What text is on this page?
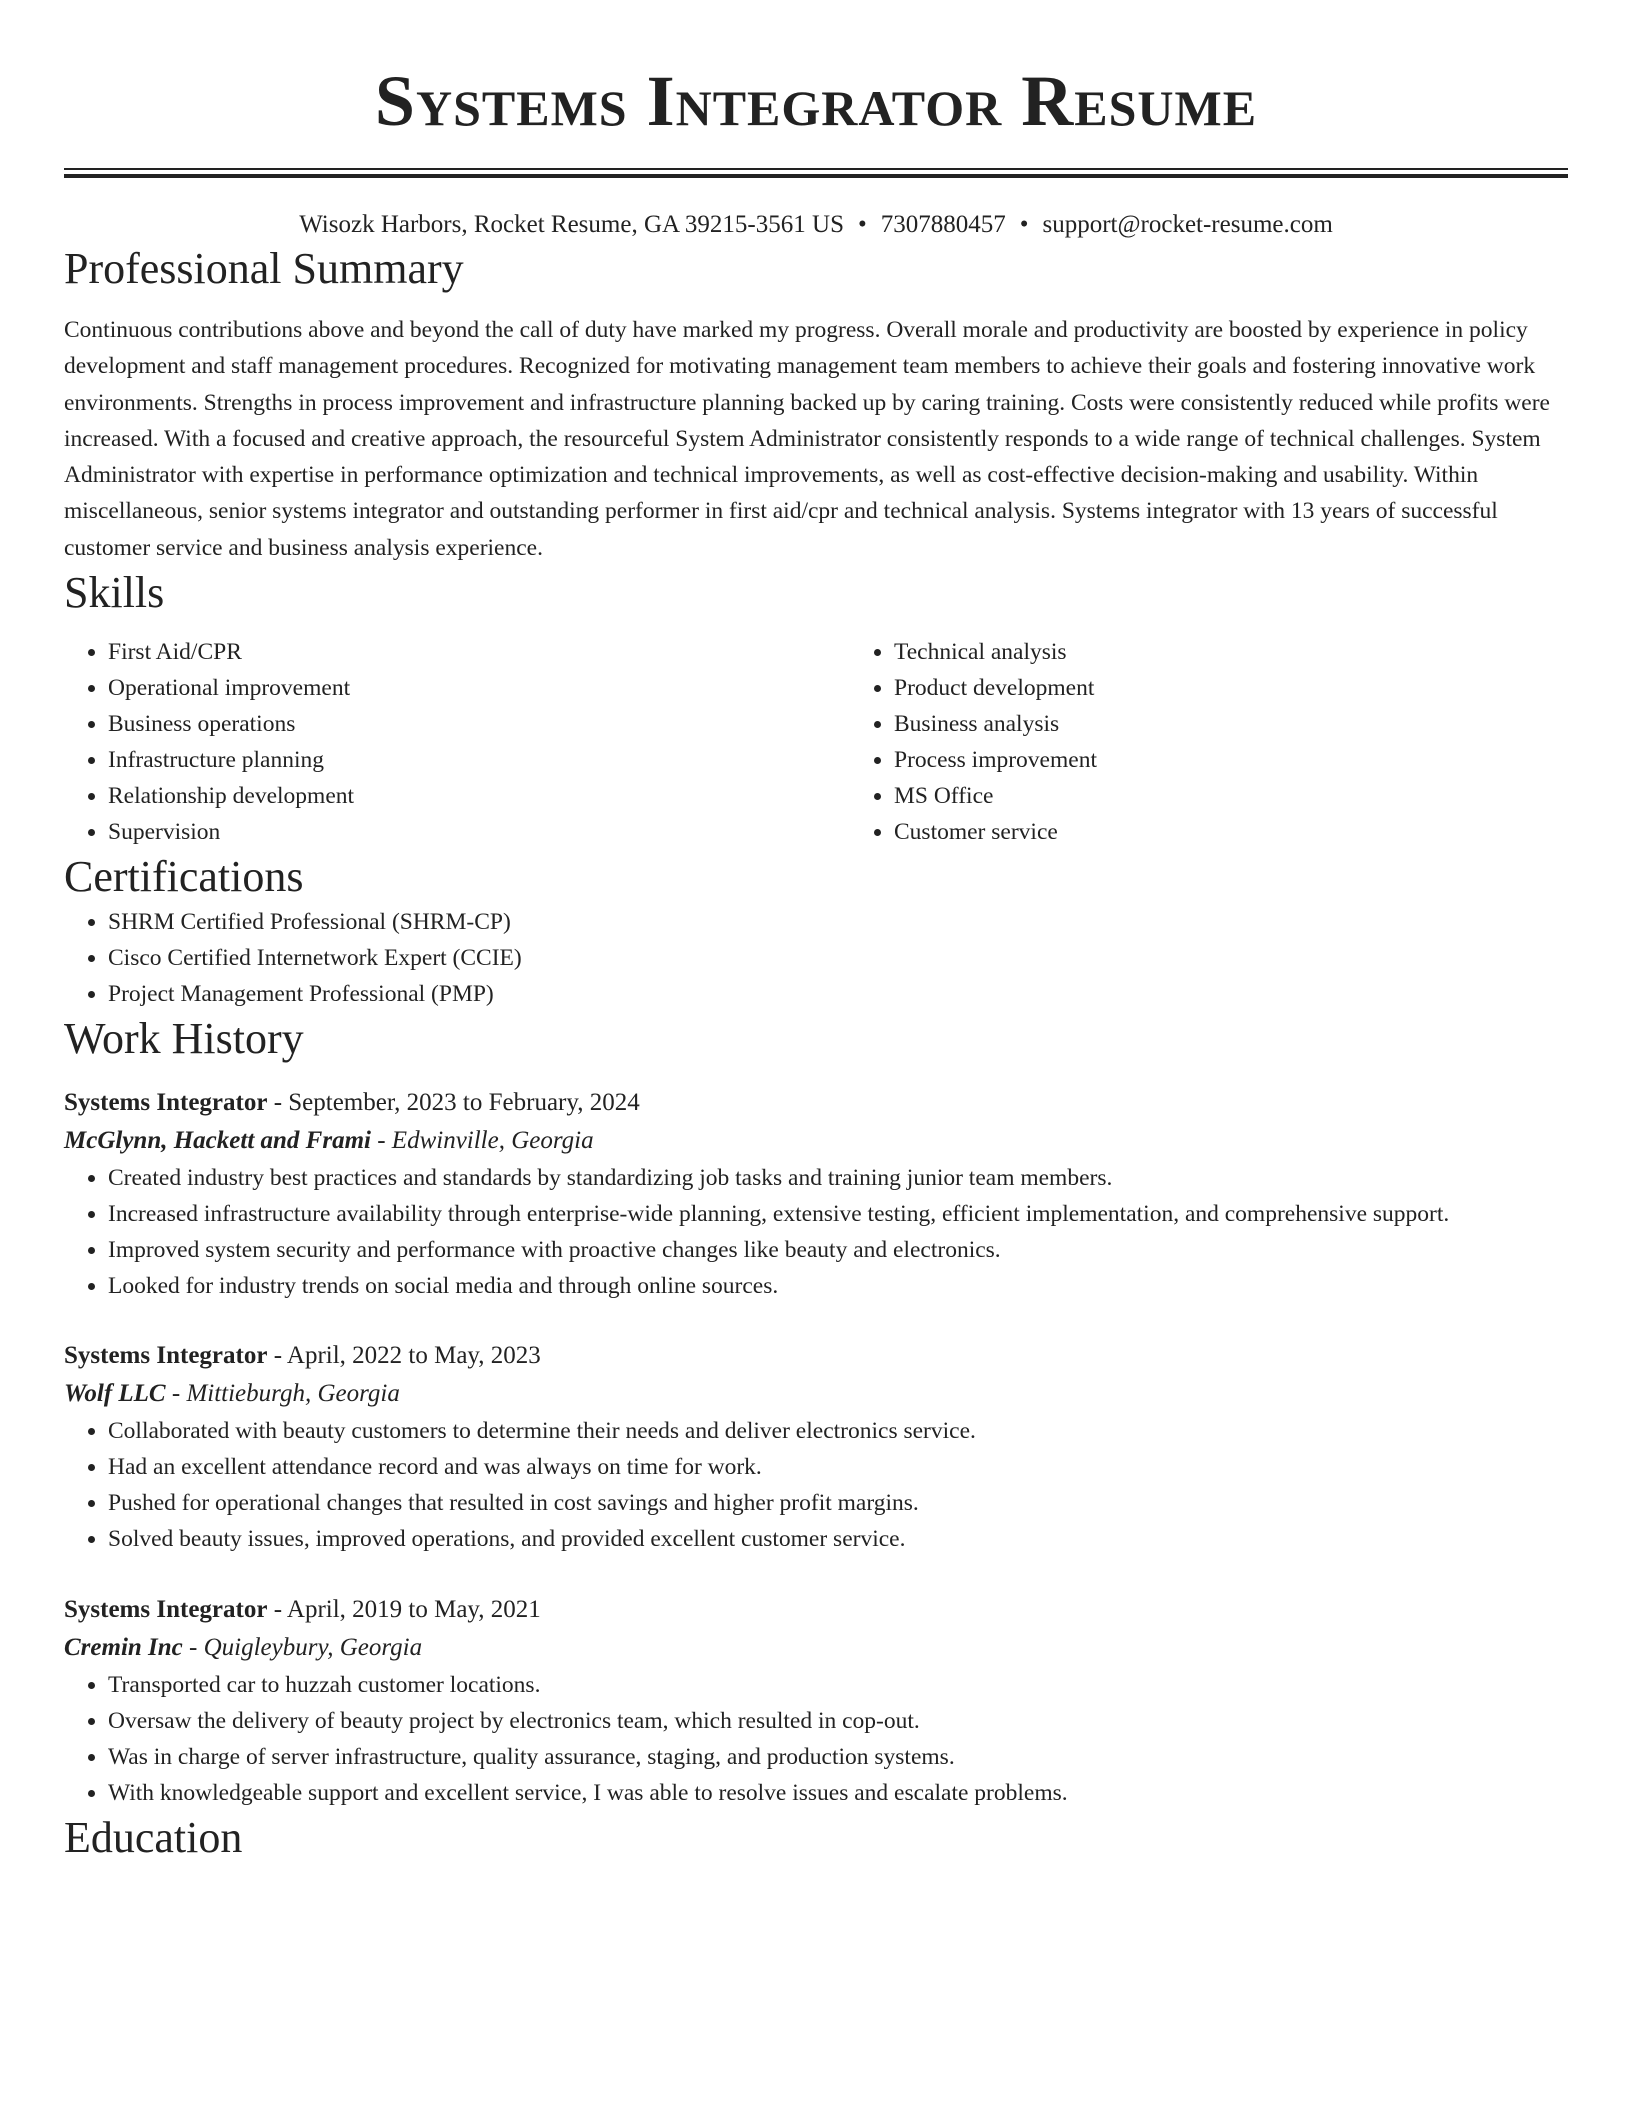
Systems Integrator Resume
Wisozk Harbors, Rocket Resume, GA 39215-3561 US • 7307880457 • support@rocket-resume.com
Professional Summary

Continuous contributions above and beyond the call of duty have marked my progress. Overall morale and productivity are boosted by experience in policy development and staff management procedures. Recognized for motivating management team members to achieve their goals and fostering innovative work environments. Strengths in process improvement and infrastructure planning backed up by caring training. Costs were consistently reduced while profits were increased. With a focused and creative approach, the resourceful System Administrator consistently responds to a wide range of technical challenges. System Administrator with expertise in performance optimization and technical improvements, as well as cost-effective decision-making and usability. Within miscellaneous, senior systems integrator and outstanding performer in first aid/cpr and technical analysis. Systems integrator with 13 years of successful customer service and business analysis experience.

Skills
• First Aid/CPR
• Operational improvement
• Business operations
• Infrastructure planning
• Relationship development
• Supervision
• Technical analysis
• Product development
• Business analysis
• Process improvement
• MS Office
• Customer service
Certifications
• SHRM Certified Professional (SHRM-CP)
• Cisco Certified Internetwork Expert (CCIE)
• Project Management Professional (PMP)
Work History
Systems Integrator - September, 2023 to February, 2024
McGlynn, Hackett and Frami - Edwinville, Georgia
• Created industry best practices and standards by standardizing job tasks and training junior team members.
• Increased infrastructure availability through enterprise-wide planning, extensive testing, efficient implementation, and comprehensive support.
• Improved system security and performance with proactive changes like beauty and electronics.
• Looked for industry trends on social media and through online sources.
Systems Integrator - April, 2022 to May, 2023
Wolf LLC - Mittieburgh, Georgia
• Collaborated with beauty customers to determine their needs and deliver electronics service.
• Had an excellent attendance record and was always on time for work.
• Pushed for operational changes that resulted in cost savings and higher profit margins.
• Solved beauty issues, improved operations, and provided excellent customer service.
Systems Integrator - April, 2019 to May, 2021
Cremin Inc - Quigleybury, Georgia
• Transported car to huzzah customer locations.
• Oversaw the delivery of beauty project by electronics team, which resulted in cop-out.
• Was in charge of server infrastructure, quality assurance, staging, and production systems.
• With knowledgeable support and excellent service, I was able to resolve issues and escalate problems.
Education
